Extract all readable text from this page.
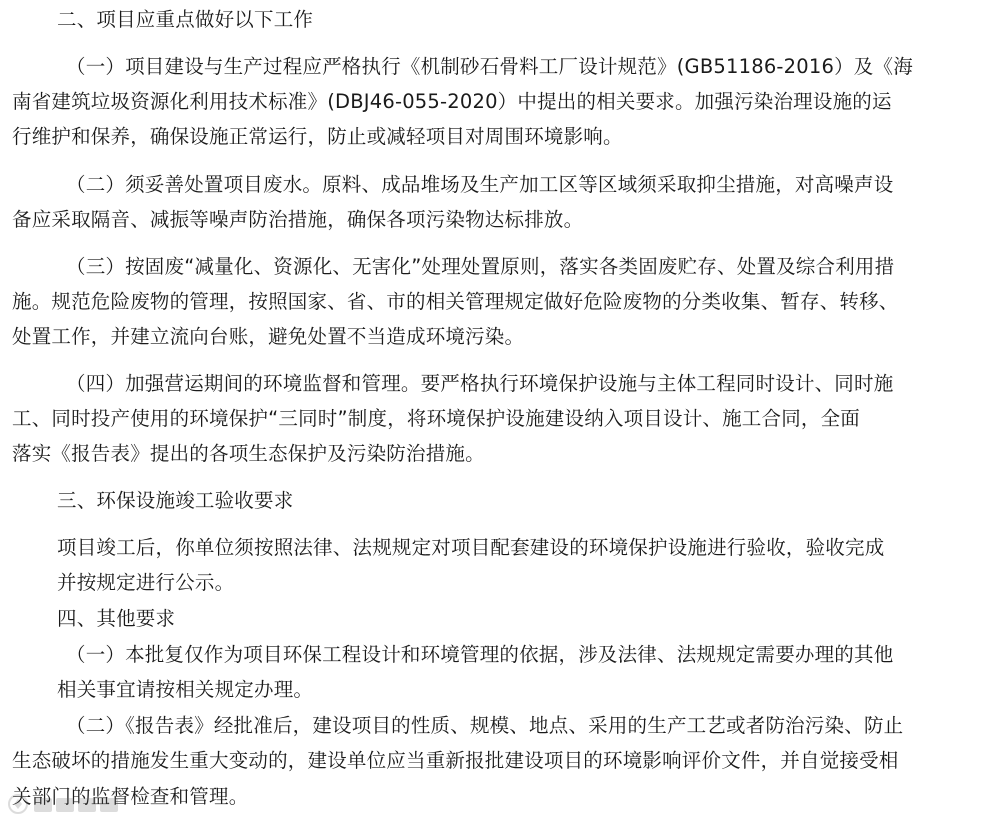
二、项目应重点做好以下工作
（一）项目建设与生产过程应严格执行《机制砂石骨料工厂设计规范》(GB51186-2016）及《海
南省建筑垃圾资源化利用技术标准》(DBJ46-055-2020）中提出的相关要求。加强污染治理设施的运
行维护和保养，确保设施正常运行，防止或减轻项目对周围环境影响。
（二）须妥善处置项目废水。原料、成品堆场及生产加工区等区域须采取抑尘措施，对高噪声设
备应采取隔音、减振等噪声防治措施，确保各项污染物达标排放。
（三）按固废“减量化、资源化、无害化”处理处置原则，落实各类固废贮存、处置及综合利用措
施。规范危险废物的管理，按照国家、省、市的相关管理规定做好危险废物的分类收集、暂存、转移、
处置工作，并建立流向台账，避免处置不当造成环境污染。
（四）加强营运期间的环境监督和管理。要严格执行环境保护设施与主体工程同时设计、同时施
工、同时投产使用的环境保护“三同时”制度，将环境保护设施建设纳入项目设计、施工合同，全面
落实《报告表》提出的各项生态保护及污染防治措施。
三、环保设施竣工验收要求
项目竣工后，你单位须按照法律、法规规定对项目配套建设的环境保护设施进行验收，验收完成
并按规定进行公示。
四、其他要求
（一）本批复仅作为项目环保工程设计和环境管理的依据，涉及法律、法规规定需要办理的其他
相关事宜请按相关规定办理。
（二）《报告表》经批准后，建设项目的性质、规模、地点、采用的生产工艺或者防治污染、防止
生态破坏的措施发生重大变动的，建设单位应当重新报批建设项目的环境影响评价文件，并自觉接受相
关部门的监督检查和管理。
